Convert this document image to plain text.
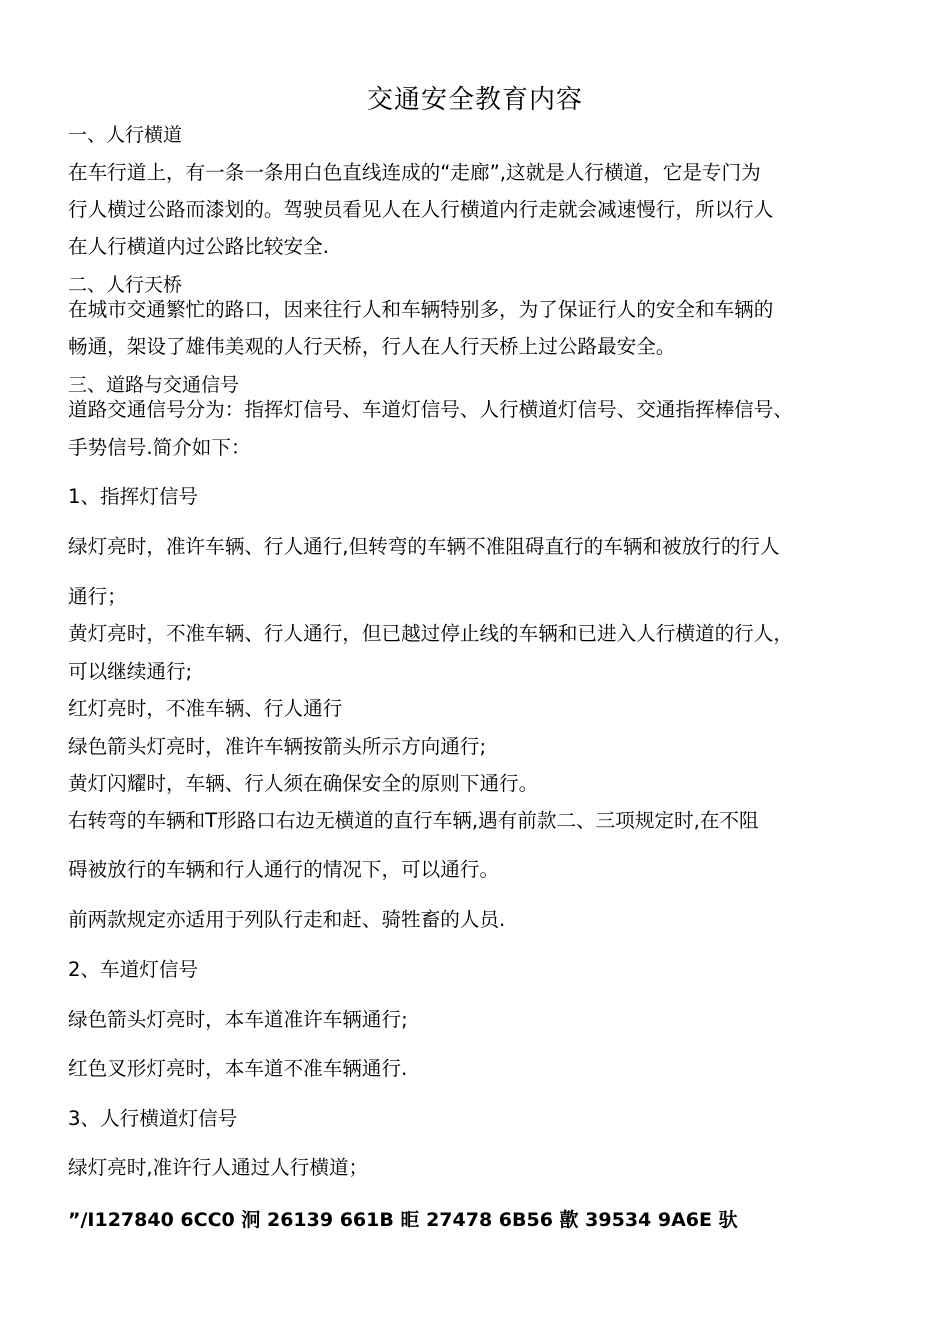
交通安全教育内容
一、人行横道
在车行道上，有一条一条用白色直线连成的“走廊”,这就是人行横道，它是专门为
行人横过公路而漆划的。驾驶员看见人在人行横道内行走就会减速慢行，所以行人
在人行横道内过公路比较安全.
二、人行天桥
在城市交通繁忙的路口，因来往行人和车辆特别多，为了保证行人的安全和车辆的
畅通，架设了雄伟美观的人行天桥，行人在人行天桥上过公路最安全。
三、道路与交通信号
道路交通信号分为：指挥灯信号、车道灯信号、人行横道灯信号、交通指挥棒信号、
手势信号.简介如下：
1、指挥灯信号
绿灯亮时，准许车辆、行人通行,但转弯的车辆不准阻碍直行的车辆和被放行的行人
通行；
黄灯亮时，不准车辆、行人通行，但已越过停止线的车辆和已进入人行横道的行人，
可以继续通行;
红灯亮时，不准车辆、行人通行
绿色箭头灯亮时，准许车辆按箭头所示方向通行;
黄灯闪耀时，车辆、行人须在确保安全的原则下通行。
右转弯的车辆和T形路口右边无横道的直行车辆,遇有前款二、三项规定时,在不阻
碍被放行的车辆和行人通行的情况下，可以通行。
前两款规定亦适用于列队行走和赶、骑牲畜的人员.
2、车道灯信号
绿色箭头灯亮时，本车道准许车辆通行;
红色叉形灯亮时，本车道不准车辆通行.
3、人行横道灯信号
绿灯亮时,准许行人通过人行横道；
”/I127840 6CC0 泂 26139 661B 昛 27478 6B56 歖 39534 9A6E 驮
